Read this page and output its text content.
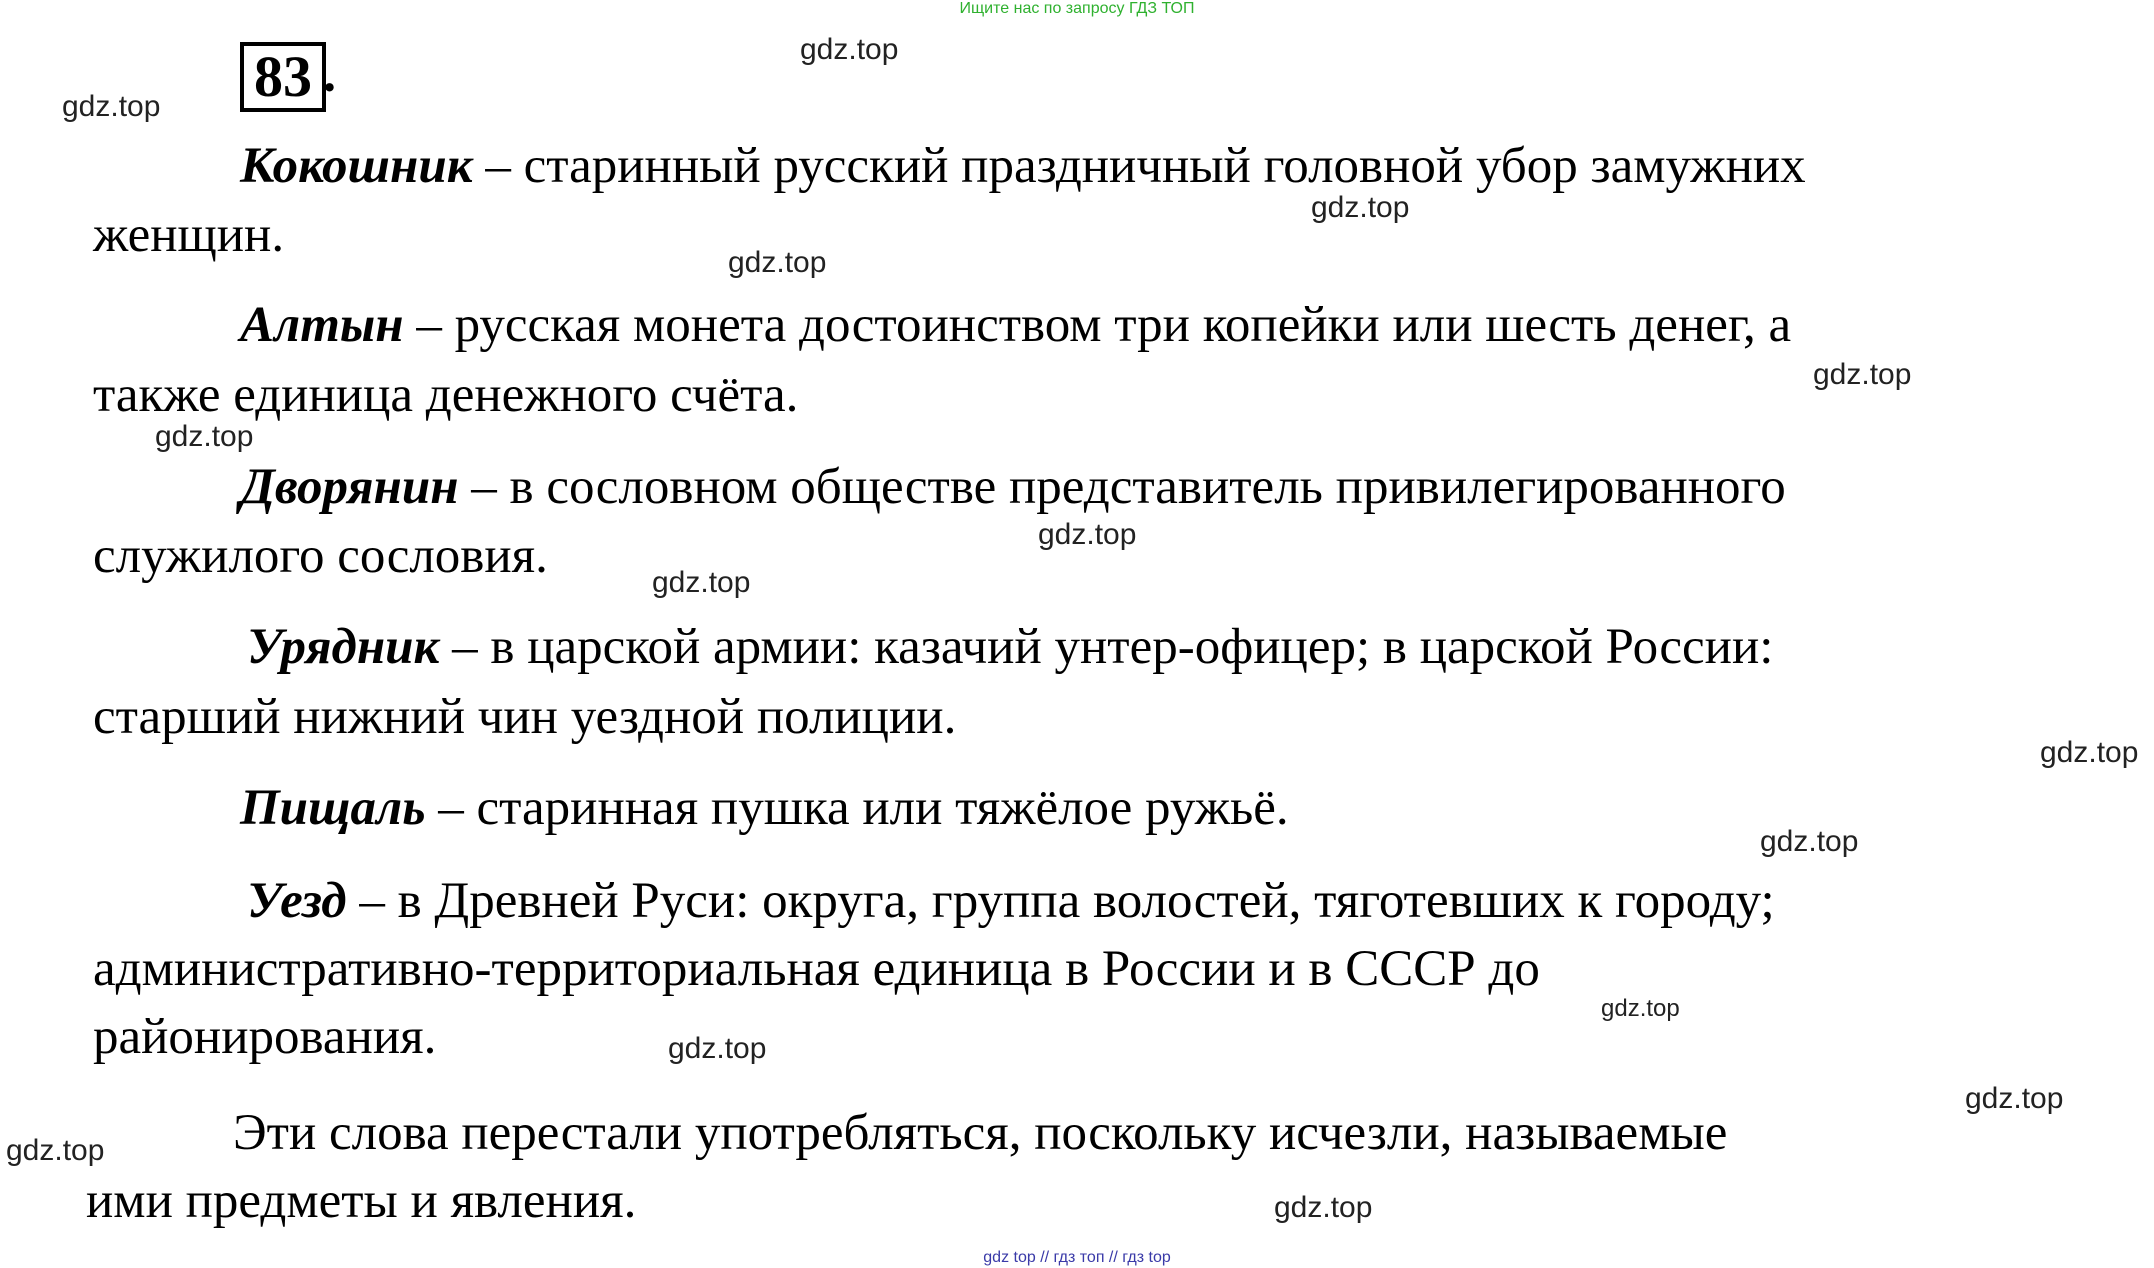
Ищите нас по запросу ГДЗ ТОП
83 .
Кокошник – старинный русский праздничный головной убор замужних
женщин.
Алтын – русская монета достоинством три копейки или шесть денег, а
также единица денежного счёта.
Дворянин – в сословном обществе представитель привилегированного
служилого сословия.
Урядник – в царской армии: казачий унтер-офицер; в царской России:
старший нижний чин уездной полиции.
Пищаль – старинная пушка или тяжёлое ружьё.
Уезд – в Древней Руси: округа, группа волостей, тяготевших к городу;
административно-территориальная единица в России и в СССР до
районирования.
Эти слова перестали употребляться, поскольку исчезли, называемые
ими предметы и явления.
gdz.top
gdz.top
gdz.top
gdz.top
gdz.top
gdz.top
gdz.top
gdz.top
gdz.top
gdz.top
gdz.top
gdz.top
gdz.top
gdz.top
gdz.top
gdz top // гдз топ // гдз top
